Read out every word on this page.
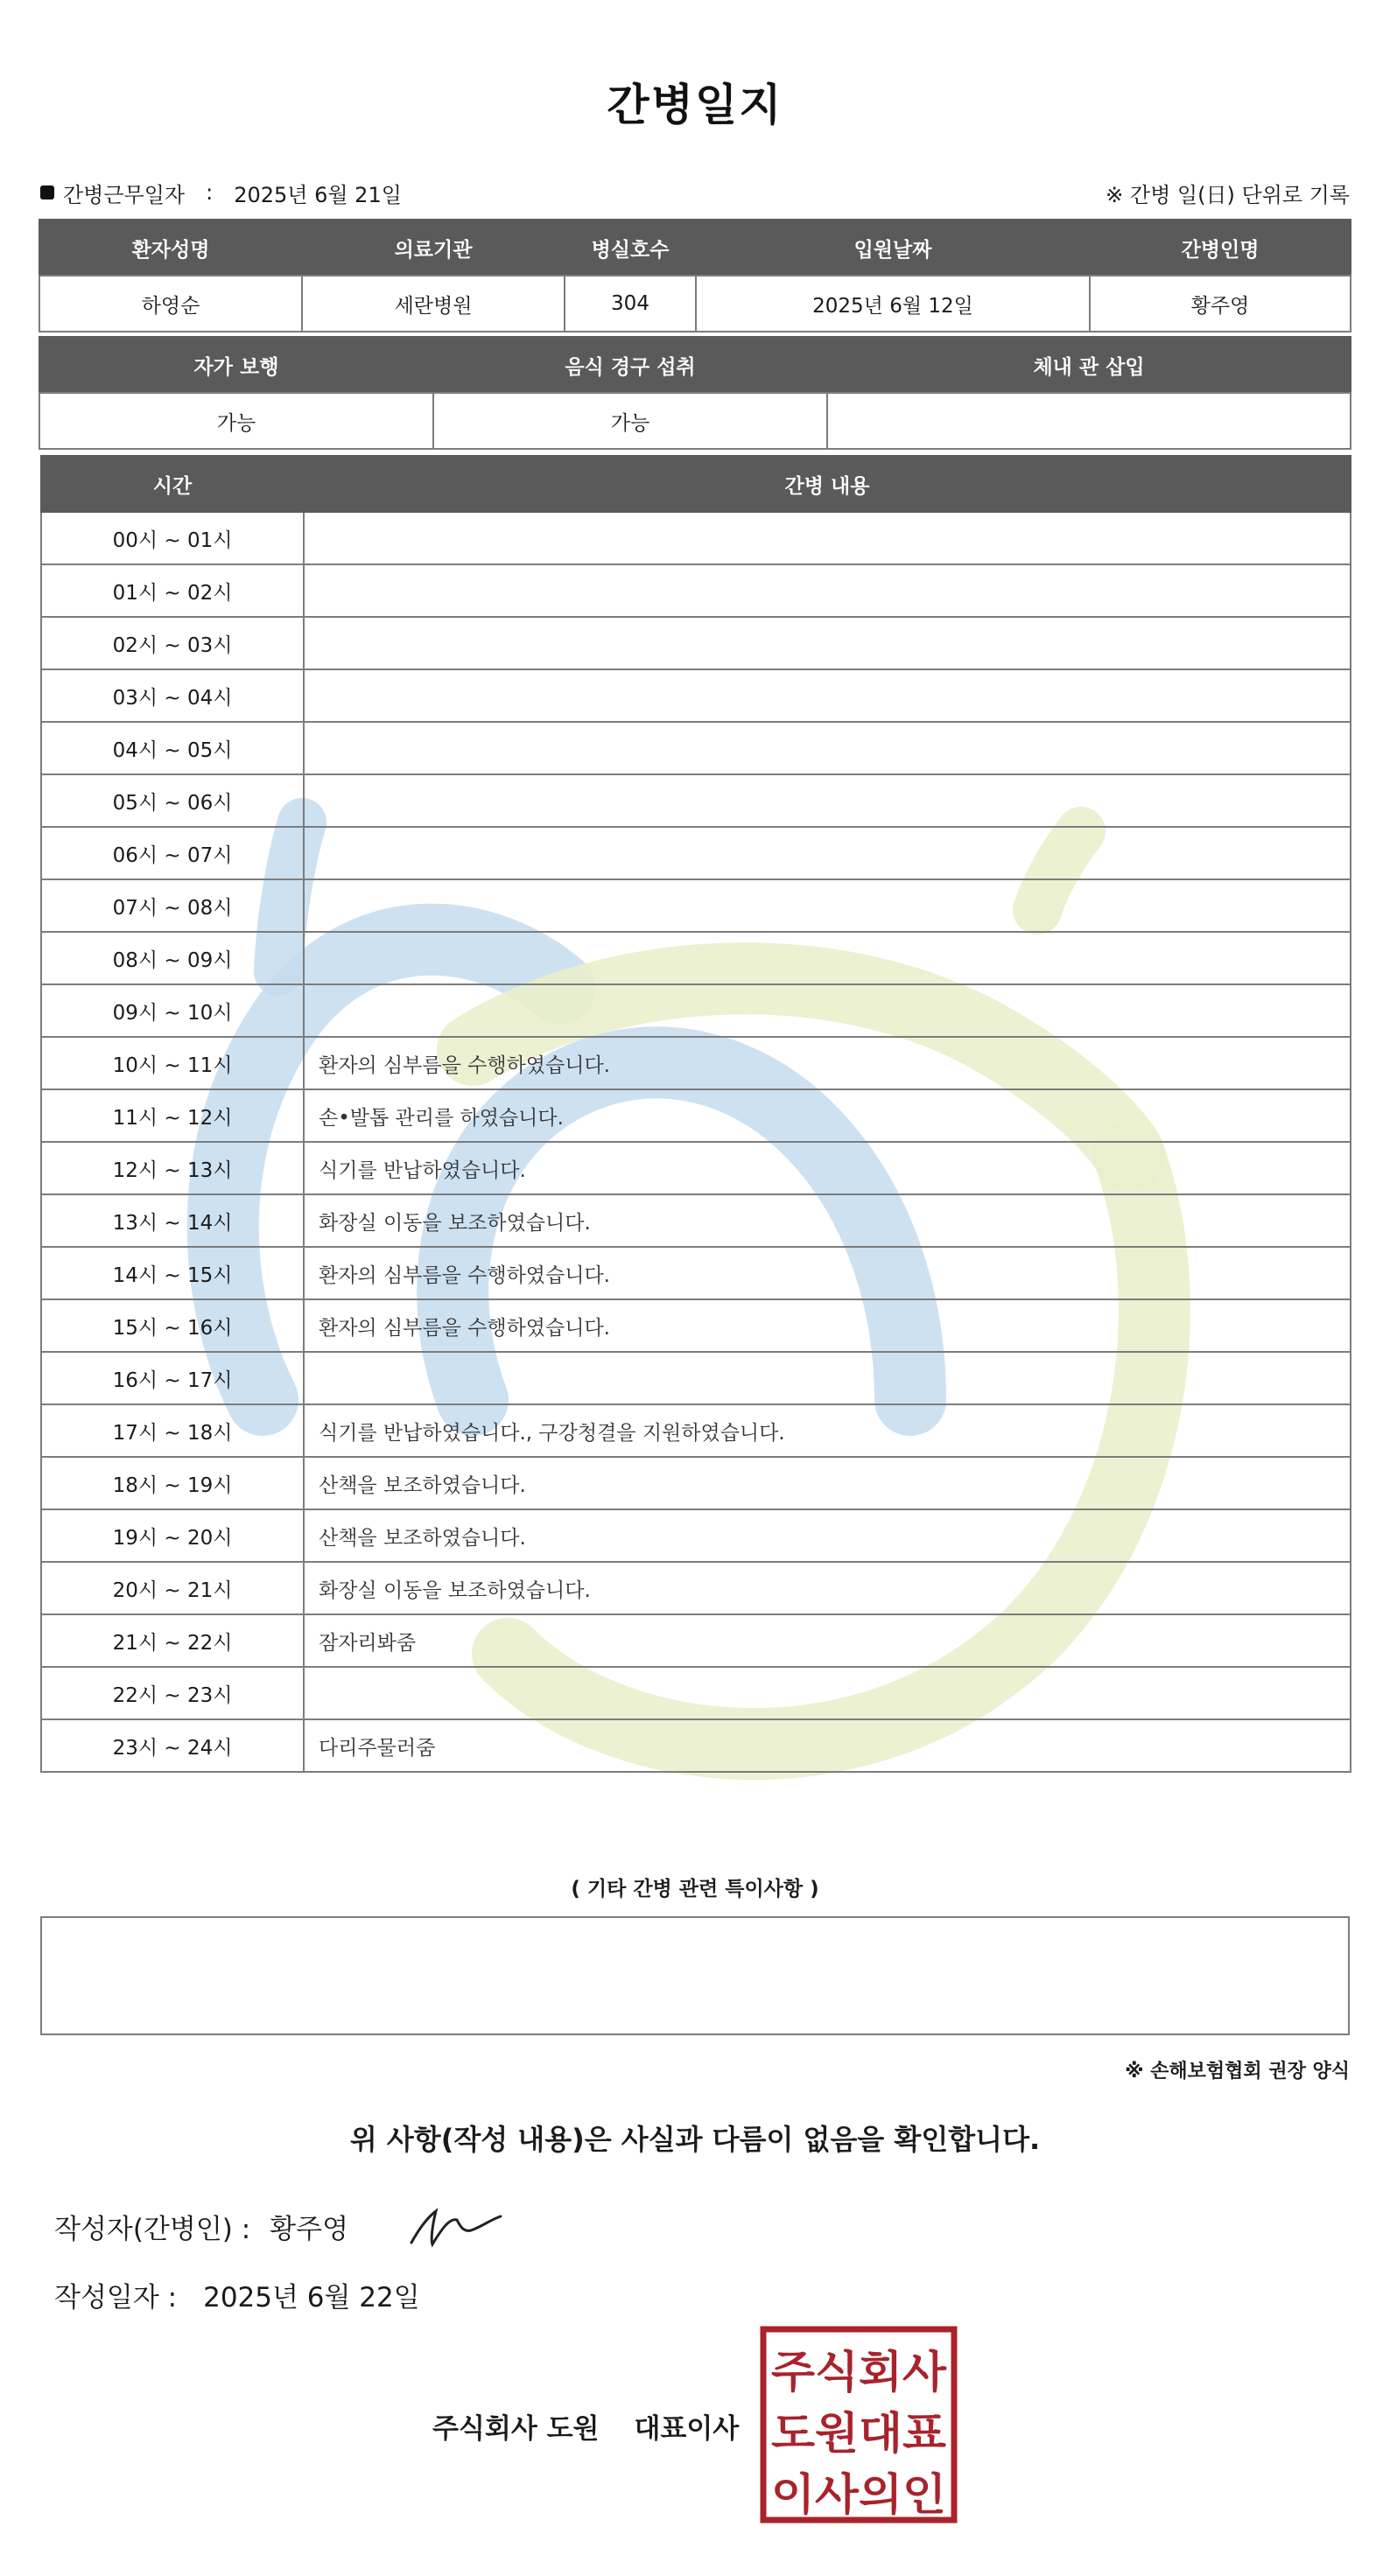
간병일지
간병근무일자 : 2025년 6월 21일	※ 간병 일(日) 단위로 기록
환자성명	의료기관	병실호수	입원날짜	간병인명
하영순	세란병원	304	2025년 6월 12일	황주영
자가 보행	음식 경구 섭취	체내 관 삽입
가능	가능
시간	간병 내용
00시 ~ 01시	
01시 ~ 02시	
02시 ~ 03시	
03시 ~ 04시	
04시 ~ 05시	
05시 ~ 06시	
06시 ~ 07시	
07시 ~ 08시	
08시 ~ 09시	
09시 ~ 10시	
10시 ~ 11시	환자의 심부름을 수행하였습니다.
11시 ~ 12시	손•발톱 관리를 하였습니다.
12시 ~ 13시	식기를 반납하였습니다.
13시 ~ 14시	화장실 이동을 보조하였습니다.
14시 ~ 15시	환자의 심부름을 수행하였습니다.
15시 ~ 16시	환자의 심부름을 수행하였습니다.
16시 ~ 17시	
17시 ~ 18시	식기를 반납하였습니다., 구강청결을 지원하였습니다.
18시 ~ 19시	산책을 보조하였습니다.
19시 ~ 20시	산책을 보조하였습니다.
20시 ~ 21시	화장실 이동을 보조하였습니다.
21시 ~ 22시	잠자리봐줌
22시 ~ 23시	
23시 ~ 24시	다리주물러줌
( 기타 간병 관련 특이사항 )
※ 손해보험협회 권장 양식
위 사항(작성 내용)은 사실과 다름이 없음을 확인합니다.
작성자(간병인) : 황주영
작성일자 : 2025년 6월 22일
주식회사 도원 대표이사
주식회사
도원대표
이사의인
